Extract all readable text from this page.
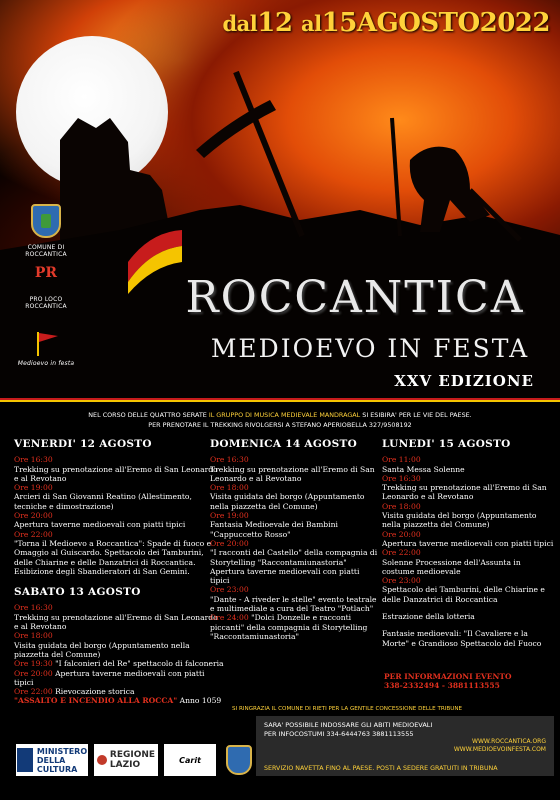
dal12 al15AGOSTO2022
COMUNE DI ROCCANTICA
$^{PR}$
PRO LOCO ROCCANTICA
Medioevo in festa
ROCCANTICA
MEDIOEVO IN FESTA
XXV EDIZIONE
NEL CORSO DELLE QUATTRO SERATE IL GRUPPO DI MUSICA MEDIEVALE MANDRAGAL SI ESIBIRA' PER LE VIE DEL PAESE.
PER PRENOTARE IL TREKKING RIVOLGERSI A STEFANO APERIOBELLA 327/9508192
VENERDI' 12 AGOSTO
Ore 16:30
Trekking su prenotazione all'Eremo di San Leonardo e al Revotano
Ore 19:00
Arcieri di San Giovanni Reatino (Allestimento, tecniche e dimostrazione)
Ore 20:00
Apertura taverne medioevali con piatti tipici
Ore 22:00
"Torna il Medioevo a Roccantica": Spade di fuoco e Omaggio al Guiscardo. Spettacolo dei Tamburini, delle Chiarine e delle Danzatrici di Roccantica. Esibizione degli Sbandieratori di San Gemini.
SABATO 13 AGOSTO
Ore 16:30
Trekking su prenotazione all'Eremo di San Leonardo e al Revotano
Ore 18:00
Visita guidata del borgo (Appuntamento nella piazzetta del Comune)
Ore 19:30 "I falconieri del Re" spettacolo di falconeria
Ore 20:00 Apertura taverne medioevali con piatti tipici
Ore 22:00 Rievocazione storica
"ASSALTO E INCENDIO ALLA ROCCA" Anno 1059
DOMENICA 14 AGOSTO
Ore 16:30
Trekking su prenotazione all'Eremo di San Leonardo e al Revotano
Ore 18:00
Visita guidata del borgo (Appuntamento nella piazzetta del Comune)
Ore 19:00
Fantasia Medioevale dei Bambini "Cappuccetto Rosso"
Ore 20:00
"I racconti del Castello" della compagnia di Storytelling "Raccontamiunastoria" Apertura taverne medioevali con piatti tipici
Ore 23:00
"Dante - A riveder le stelle" evento teatrale e multimediale a cura del Teatro "Potlach"
Ore 24:00 "Dolci Donzelle e racconti piccanti" della compagnia di Storytelling "Raccontamiunastoria"
LUNEDI' 15 AGOSTO
Ore 11:00
Santa Messa Solenne
Ore 16:30
Trekking su prenotazione all'Eremo di San Leonardo e al Revotano
Ore 18:00
Visita guidata del borgo (Appuntamento nella piazzetta del Comune)
Ore 20:00
Apertura taverne medioevali con piatti tipici
Ore 22:00
Solenne Processione dell'Assunta in costume medioevale
Ore 23:00
Spettacolo dei Tamburini, delle Chiarine e delle Danzatrici di Roccantica
Estrazione della lotteria
Fantasie medioevali: "Il Cavaliere e la Morte" e Grandioso Spettacolo del Fuoco
PER INFORMAZIONI EVENTO
338-2332494 - 3881113555
SI RINGRAZIA IL COMUNE DI RIETI PER LA GENTILE CONCESSIONE DELLE TRIBUNE
SARA' POSSIBILE INDOSSARE GLI ABITI MEDIOEVALI
PER INFOCOSTUMI 334-6444763 3881113555
WWW.ROCCANTICA.ORG
WWW.MEDIOEVOINFESTA.COM
SERVIZIO NAVETTA FINO AL PAESE. POSTI A SEDERE GRATUITI IN TRIBUNA
MINISTERO DELLA CULTURA
REGIONE LAZIO	Carit
